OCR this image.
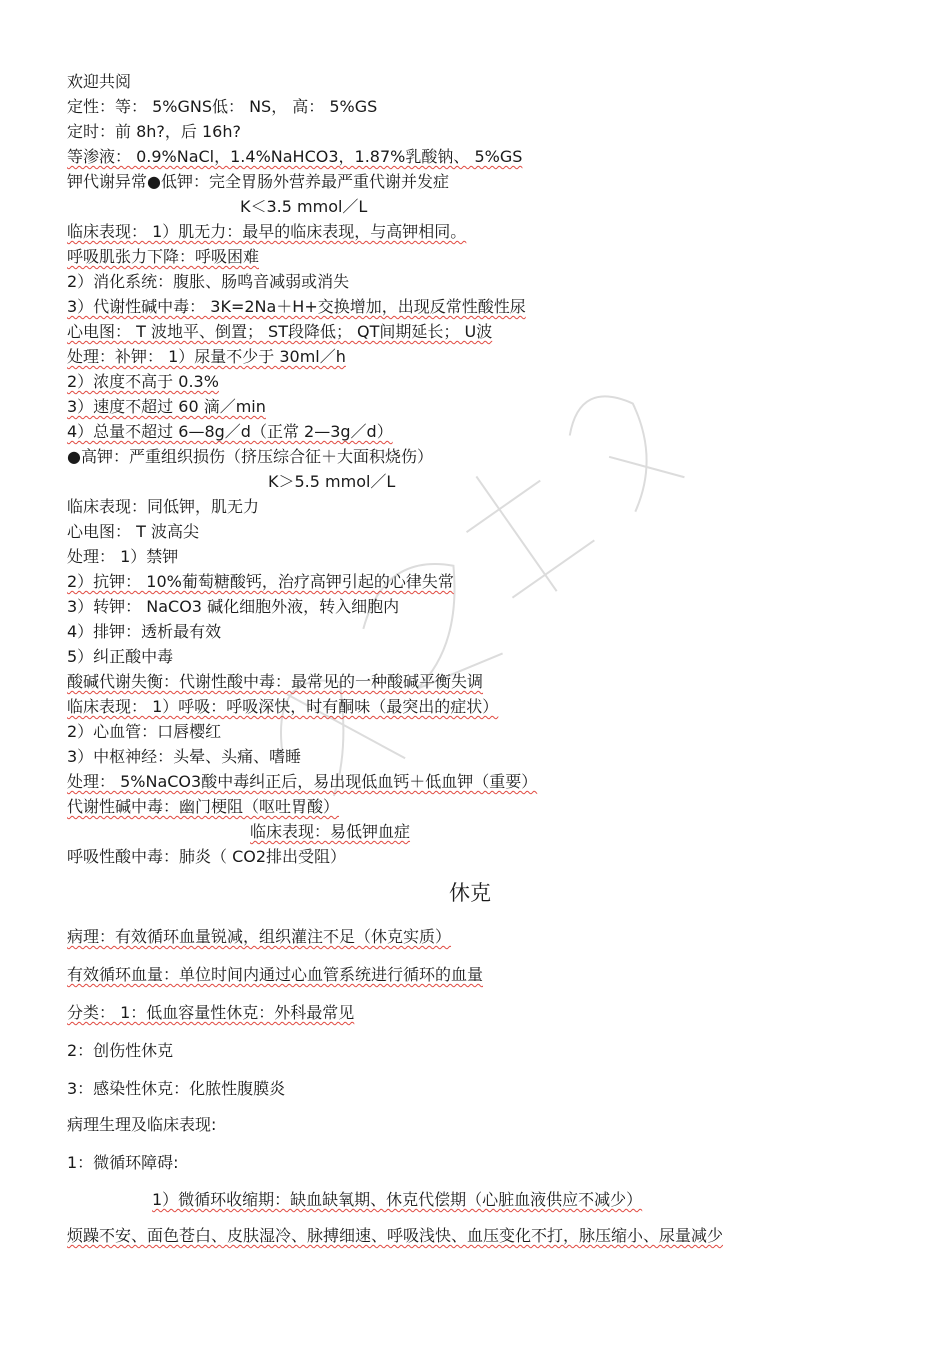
欢迎共阅
定性：等： 5%GNS低： NS， 高： 5%GS
定时：前 8h?，后 16h?
等渗液： 0.9%NaCl，1.4%NaHCO3，1.87%乳酸钠、 5%GS
钾代谢异常●低钾：完全胃肠外营养最严重代谢并发症
K＜3.5 mmol／L
临床表现： 1）肌无力：最早的临床表现，与高钾相同。
呼吸肌张力下降：呼吸困难
2）消化系统：腹胀、肠鸣音减弱或消失
3）代谢性碱中毒： 3K=2Na＋H+交换增加，出现反常性酸性尿
心电图： T 波地平、倒置； ST段降低； QT间期延长； U波
处理：补钾： 1）尿量不少于 30ml／h
2）浓度不高于 0.3%
3）速度不超过 60 滴／min
4）总量不超过 6—8g／d（正常 2—3g／d）
●高钾：严重组织损伤（挤压综合征＋大面积烧伤）
K＞5.5 mmol／L
临床表现：同低钾，肌无力
心电图： T 波高尖
处理： 1）禁钾
2）抗钾： 10%葡萄糖酸钙，治疗高钾引起的心律失常
3）转钾： NaCO3 碱化细胞外液，转入细胞内
4）排钾：透析最有效
5）纠正酸中毒
酸碱代谢失衡：代谢性酸中毒：最常见的一种酸碱平衡失调
临床表现： 1）呼吸：呼吸深快，时有酮味（最突出的症状）
2）心血管：口唇樱红
3）中枢神经：头晕、头痛、嗜睡
处理： 5%NaCO3酸中毒纠正后，易出现低血钙＋低血钾（重要）
代谢性碱中毒：幽门梗阻（呕吐胃酸）
临床表现：易低钾血症
呼吸性酸中毒：肺炎（ CO2排出受阻）
休克
病理：有效循环血量锐减，组织灌注不足（休克实质）
有效循环血量：单位时间内通过心血管系统进行循环的血量
分类： 1：低血容量性休克：外科最常见
2：创伤性休克
3：感染性休克：化脓性腹膜炎
病理生理及临床表现:
1：微循环障碍:
1）微循环收缩期：缺血缺氧期、休克代偿期（心脏血液供应不减少）
烦躁不安、面色苍白、皮肤湿冷、脉搏细速、呼吸浅快、血压变化不打，脉压缩小、尿量减少
